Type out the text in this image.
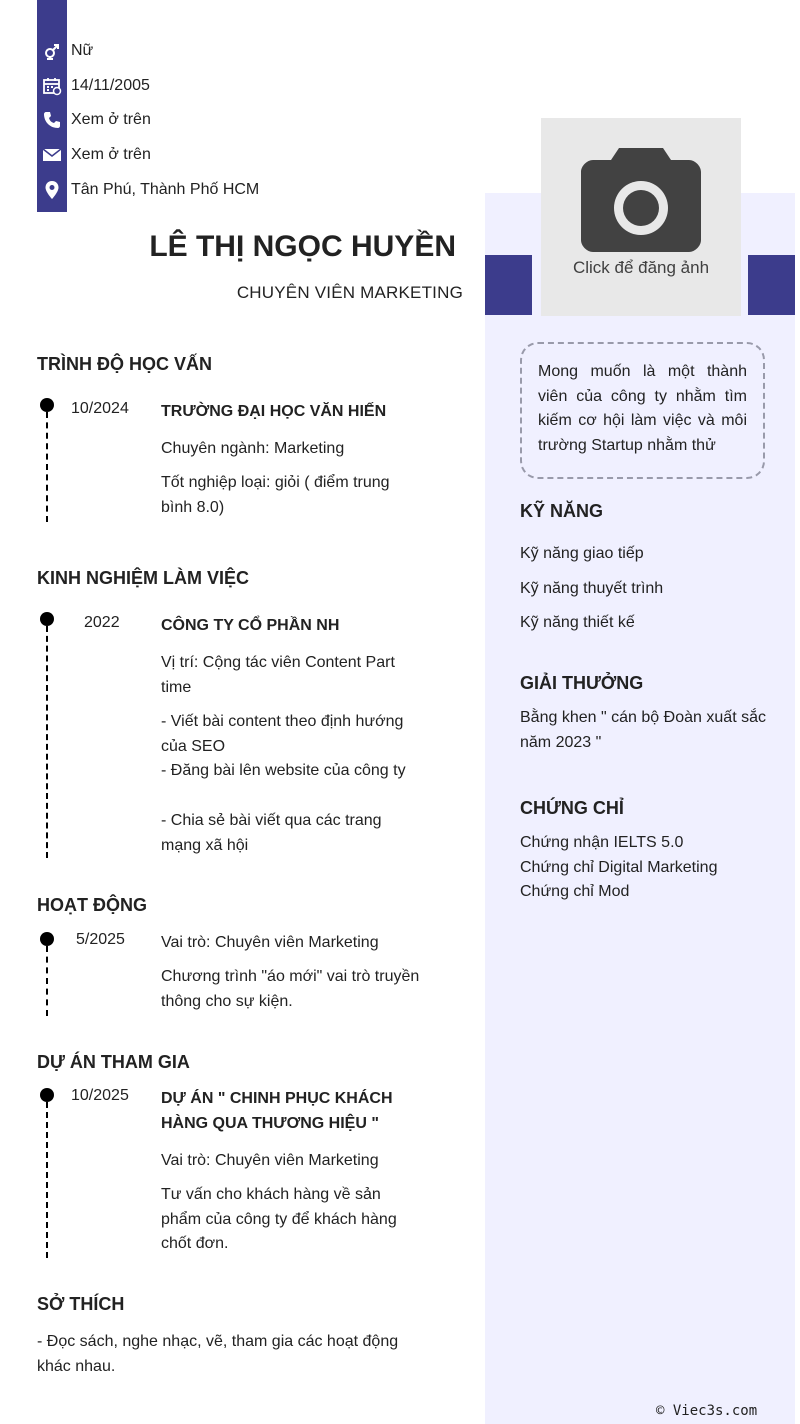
Nữ
14/11/2005
Xem ở trên
Xem ở trên
Tân Phú, Thành Phố HCM
LÊ THỊ NGỌC HUYỀN
CHUYÊN VIÊN MARKETING
Click để đăng ảnh
TRÌNH ĐỘ HỌC VẤN
10/2024 TRƯỜNG ĐẠI HỌC VĂN HIẾN
Chuyên ngành: Marketing
Tốt nghiệp loại: giỏi ( điểm trung bình 8.0)
KINH NGHIỆM LÀM VIỆC
2022	CÔNG TY CỔ PHẦN NH
Vị trí: Cộng tác viên Content Part time
- Viết bài content theo định hướng của SEO
- Đăng bài lên website của công ty
- Chia sẻ bài viết qua các trang mạng xã hội
HOẠT ĐỘNG
5/2025 Vai trò: Chuyên viên Marketing
Chương trình "áo mới" vai trò truyền thông cho sự kiện.
DỰ ÁN THAM GIA
10/2025 DỰ ÁN " CHINH PHỤC KHÁCH HÀNG QUA THƯƠNG HIỆU "
Vai trò: Chuyên viên Marketing
Tư vấn cho khách hàng về sản phẩm của công ty để khách hàng chốt đơn.
SỞ THÍCH
- Đọc sách, nghe nhạc, vẽ, tham gia các hoạt động khác nhau.
Mong muốn là một thành viên của công ty nhằm tìm kiếm cơ hội làm việc và môi trường Startup nhằm thử
KỸ NĂNG
Kỹ năng giao tiếp
Kỹ năng thuyết trình
Kỹ năng thiết kế
GIẢI THƯỞNG
Bằng khen " cán bộ Đoàn xuất sắc năm 2023 "
CHỨNG CHỈ
Chứng nhận IELTS 5.0
Chứng chỉ Digital Marketing
Chứng chỉ Mod
© Viec3s.com
